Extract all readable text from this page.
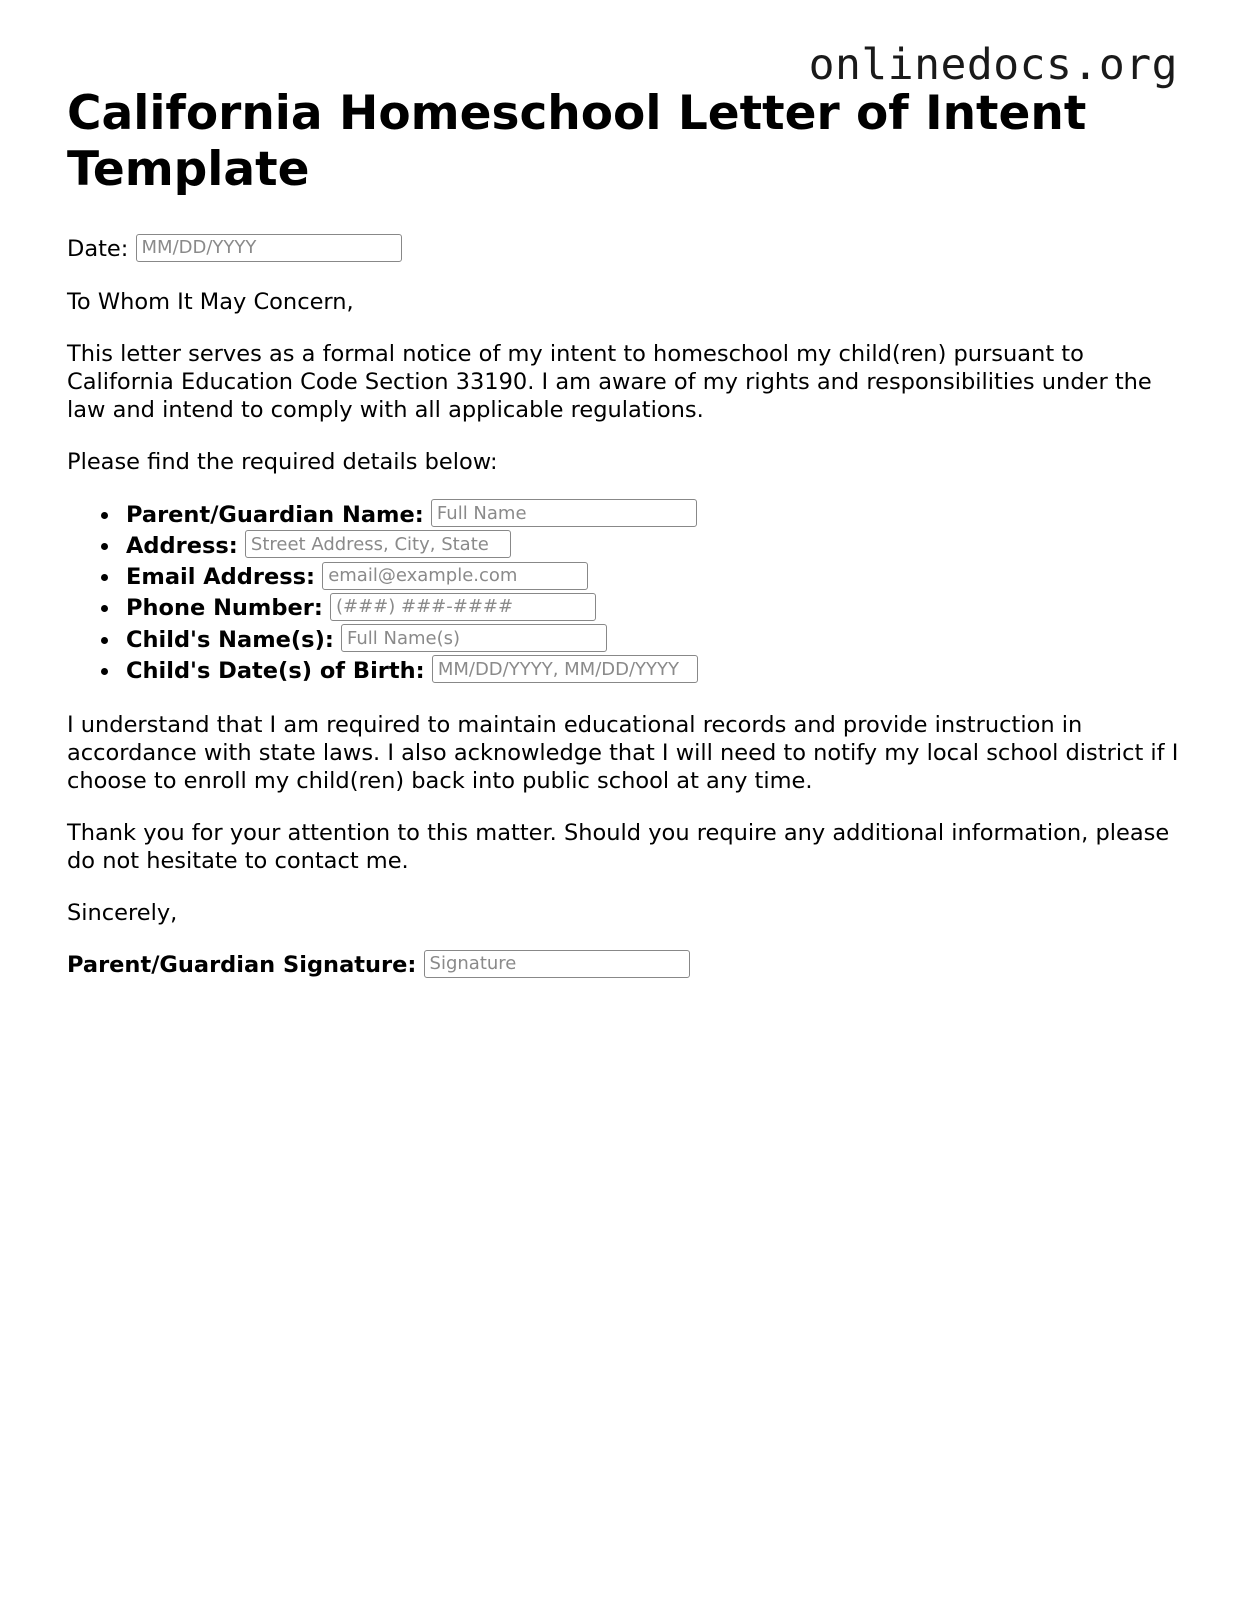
onlinedocs.org
California Homeschool Letter of Intent Template

Date: MM/DD/YYYY

To Whom It May Concern,

This letter serves as a formal notice of my intent to homeschool my child(ren) pursuant to California Education Code Section 33190. I am aware of my rights and responsibilities under the law and intend to comply with all applicable regulations.

Please find the required details below:

Parent/Guardian Name: Full Name
Address: Street Address, City, State
Email Address: email@example.com
Phone Number: (###) ###-####
Child's Name(s): Full Name(s)
Child's Date(s) of Birth: MM/DD/YYYY, MM/DD/YYYY

I understand that I am required to maintain educational records and provide instruction in accordance with state laws. I also acknowledge that I will need to notify my local school district if I choose to enroll my child(ren) back into public school at any time.

Thank you for your attention to this matter. Should you require any additional information, please do not hesitate to contact me.

Sincerely,

Parent/Guardian Signature: Signature
